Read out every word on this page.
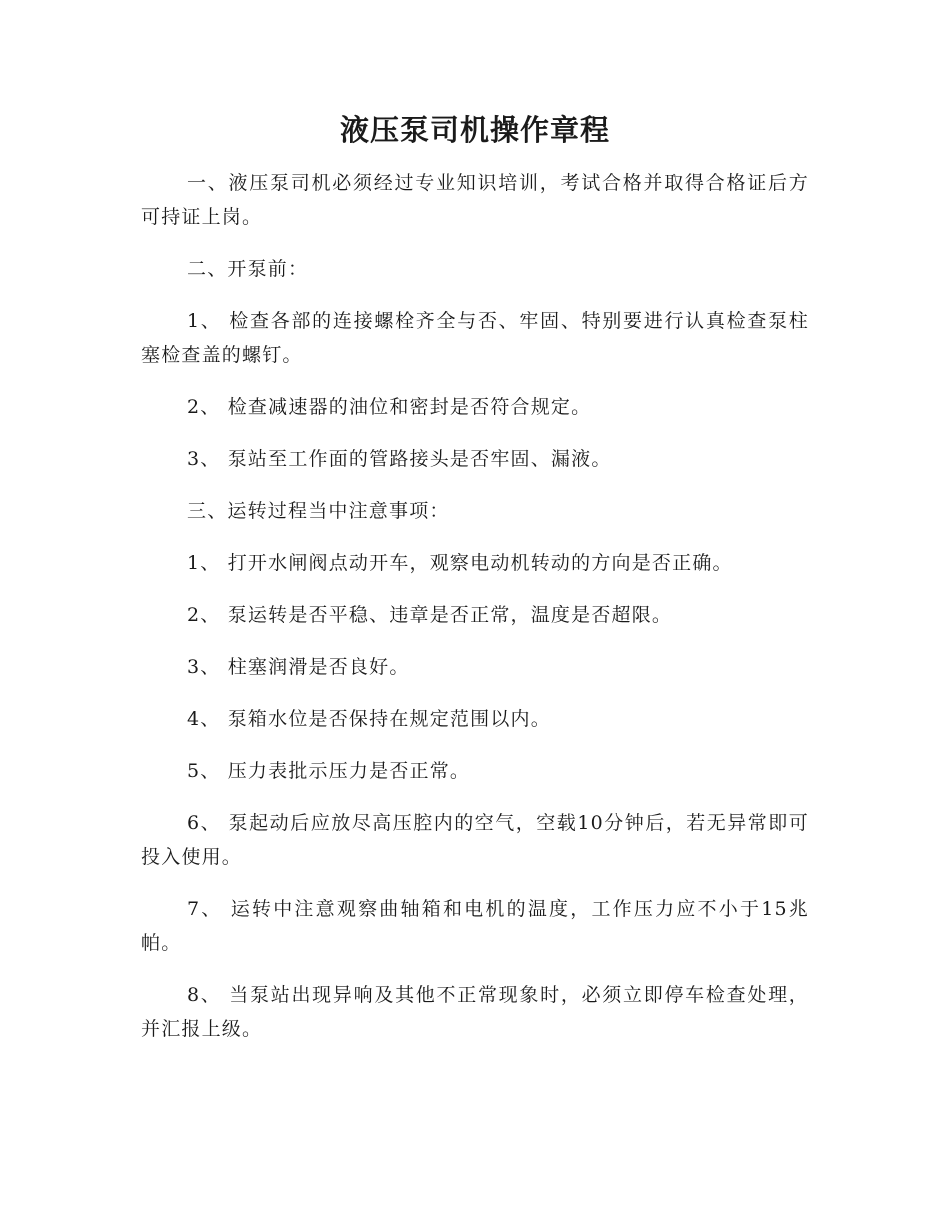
液压泵司机操作章程

一、液压泵司机必须经过专业知识培训，考试合格并取得合格证后方可持证上岗。

二、开泵前：

1、 检查各部的连接螺栓齐全与否、牢固、特别要进行认真检查泵柱塞检查盖的螺钉。

2、 检查减速器的油位和密封是否符合规定。

3、 泵站至工作面的管路接头是否牢固、漏液。

三、运转过程当中注意事项：

1、 打开水闸阀点动开车，观察电动机转动的方向是否正确。

2、 泵运转是否平稳、违章是否正常，温度是否超限。

3、 柱塞润滑是否良好。

4、 泵箱水位是否保持在规定范围以内。

5、 压力表批示压力是否正常。

6、 泵起动后应放尽高压腔内的空气，空载10分钟后，若无异常即可投入使用。

7、 运转中注意观察曲轴箱和电机的温度，工作压力应不小于15兆帕。

8、 当泵站出现异响及其他不正常现象时，必须立即停车检查处理，并汇报上级。
